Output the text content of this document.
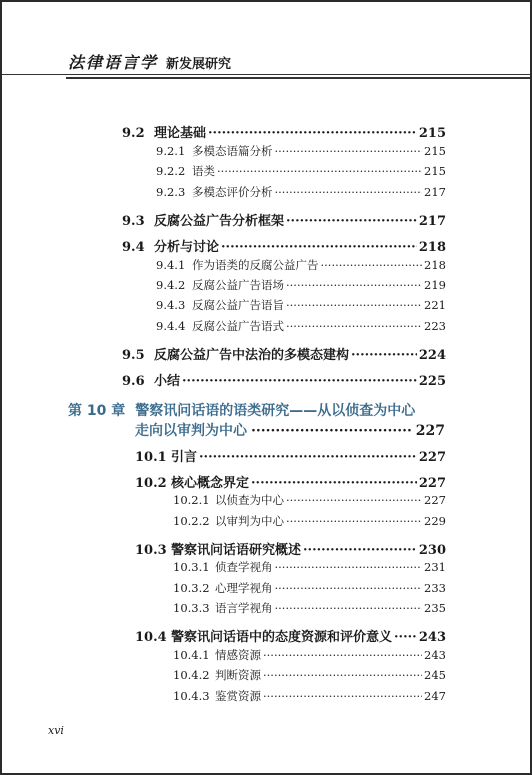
法律语言学 新发展研究
9.2 理论基础 ·····	215
9.2.1 多模态语篇分析 ·····	215
9.2.2 语类 ·····	215
9.2.3 多模态评价分析 ·····	217
9.3 反腐公益广告分析框架 ·····	217
9.4 分析与讨论 ·····	218
9.4.1 作为语类的反腐公益广告 ·····	218
9.4.2 反腐公益广告语场 ·····	219
9.4.3 反腐公益广告语旨 ·····	221
9.4.4 反腐公益广告语式 ·····	223
9.5 反腐公益广告中法治的多模态建构 ·····	224
9.6 小结 ·····	225
第 10 章 警察讯问话语的语类研究——从以侦查为中心
走向以审判为中心 ·····	227
10.1 引言 ·····	227
10.2 核心概念界定 ·····	227
10.2.1 以侦查为中心 ·····	227
10.2.2 以审判为中心 ·····	229
10.3 警察讯问话语研究概述 ·····	230
10.3.1 侦查学视角 ·····	231
10.3.2 心理学视角 ·····	233
10.3.3 语言学视角 ·····	235
10.4 警察讯问话语中的态度资源和评价意义 ····· 243
10.4.1 情感资源 ·····	243
10.4.2 判断资源 ·····	245
10.4.3 鉴赏资源 ·····	247
xvi
